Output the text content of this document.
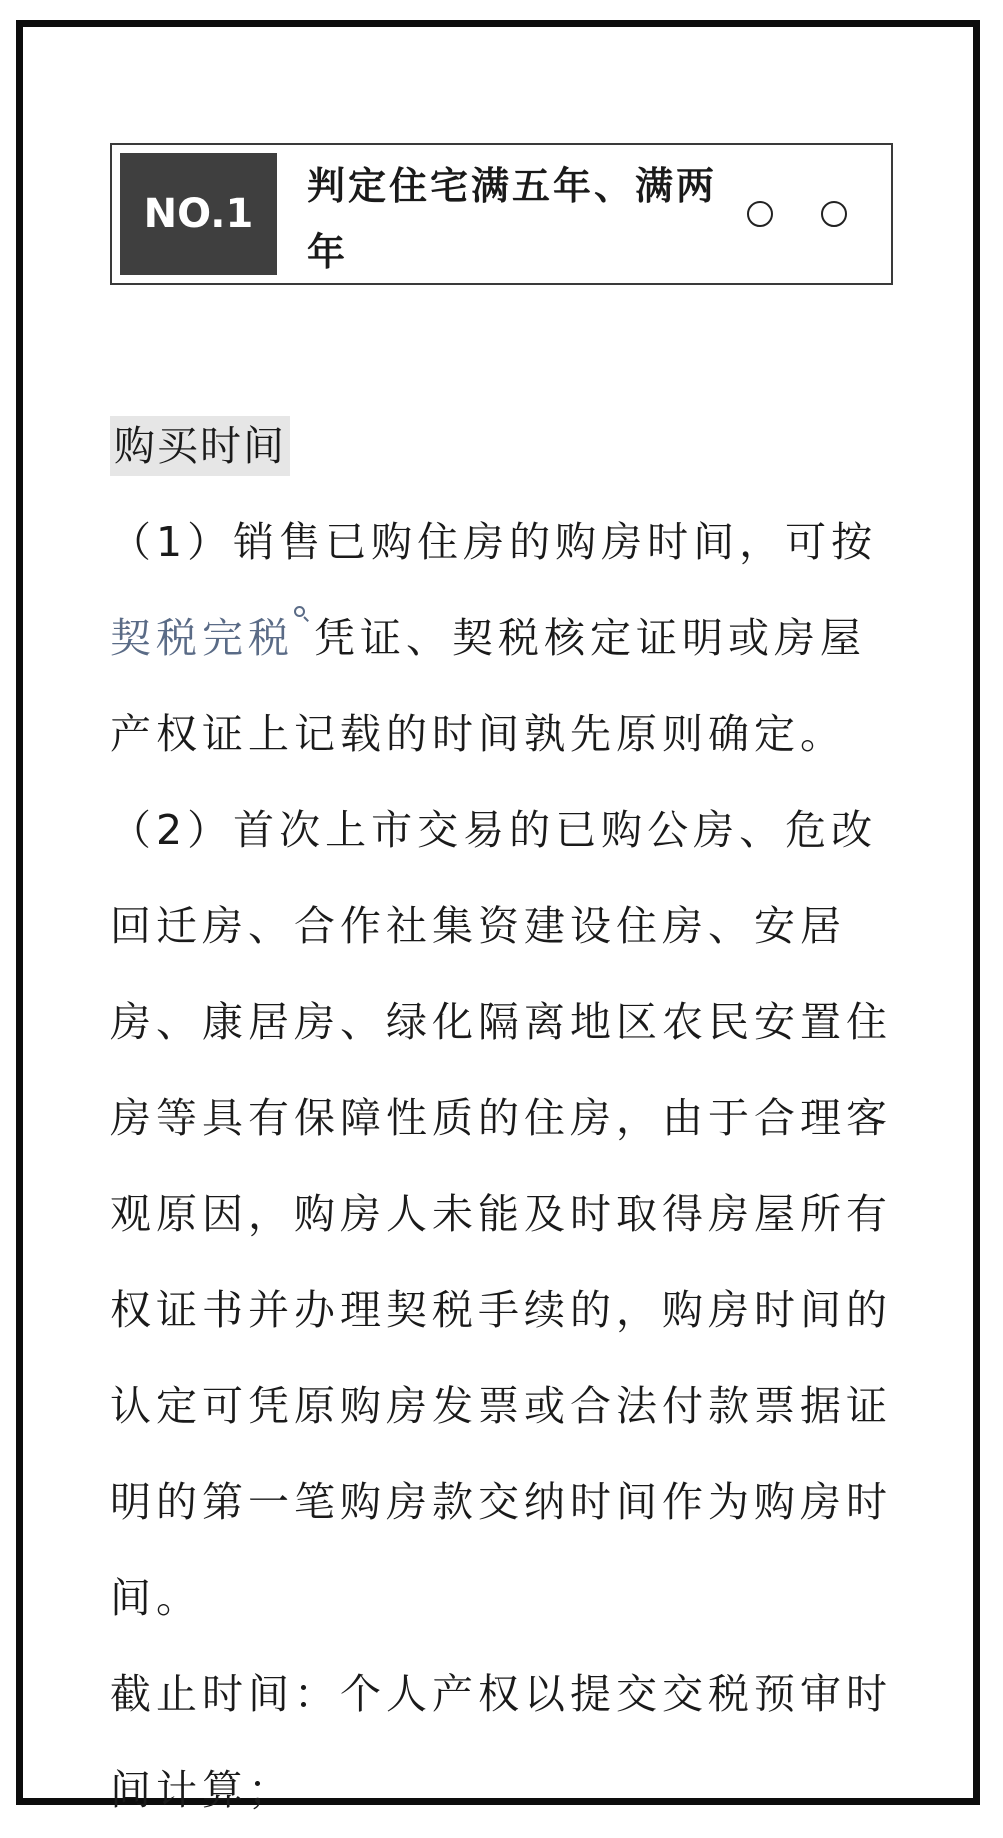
NO.1
判定住宅满五年、满两年
购买时间

（1）销售已购住房的购房时间，可按契税完税 凭证、契税核定证明或房屋产权证上记载的时间孰先原则确定。

（2）首次上市交易的已购公房、危改回迁房、合作社集资建设住房、安居房、康居房、绿化隔离地区农民安置住房等具有保障性质的住房，由于合理客观原因，购房人未能及时取得房屋所有权证书并办理契税手续的，购房时间的认定可凭原购房发票或合法付款票据证明的第一笔购房款交纳时间作为购房时间。

截止时间：个人产权以提交交税预审时间计算；
